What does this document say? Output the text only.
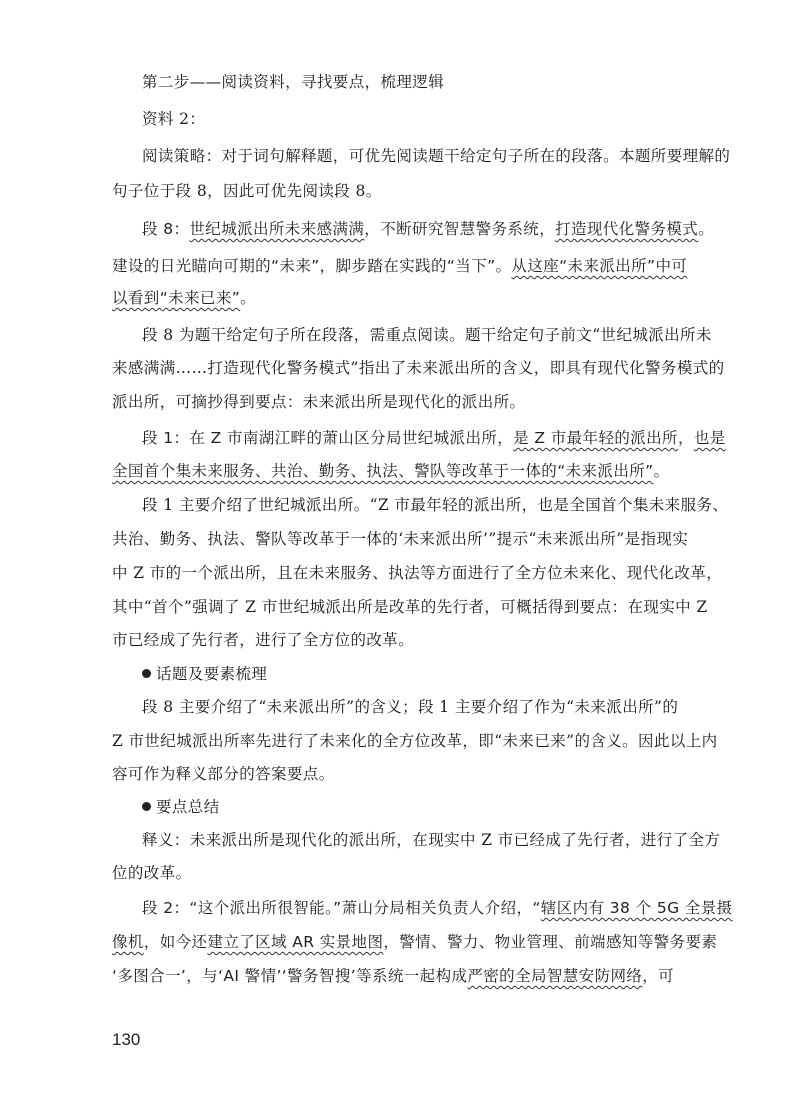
第二步——阅读资料，寻找要点，梳理逻辑
资料 2：
阅读策略：对于词句解释题，可优先阅读题干给定句子所在的段落。本题所要理解的
句子位于段 8，因此可优先阅读段 8。
段 8：世纪城派出所未来感满满，不断研究智慧警务系统，打造现代化警务模式。
建设的日光瞄向可期的“未来”，脚步踏在实践的“当下”。从这座“未来派出所”中可
以看到“未来已来”。
段 8 为题干给定句子所在段落，需重点阅读。题干给定句子前文“世纪城派出所未
来感满满……打造现代化警务模式”指出了未来派出所的含义，即具有现代化警务模式的
派出所，可摘抄得到要点：未来派出所是现代化的派出所。
段 1：在 Z 市南湖江畔的萧山区分局世纪城派出所，是 Z 市最年轻的派出所，也是
全国首个集未来服务、共治、勤务、执法、警队等改革于一体的“未来派出所”。
段 1 主要介绍了世纪城派出所。“Z 市最年轻的派出所，也是全国首个集未来服务、
共治、勤务、执法、警队等改革于一体的‘未来派出所’”提示“未来派出所”是指现实
中 Z 市的一个派出所，且在未来服务、执法等方面进行了全方位未来化、现代化改革，
其中“首个”强调了 Z 市世纪城派出所是改革的先行者，可概括得到要点：在现实中 Z
市已经成了先行者，进行了全方位的改革。
话题及要素梳理
段 8 主要介绍了“未来派出所”的含义；段 1 主要介绍了作为“未来派出所”的
Z 市世纪城派出所率先进行了未来化的全方位改革，即“未来已来”的含义。因此以上内
容可作为释义部分的答案要点。
要点总结
释义：未来派出所是现代化的派出所，在现实中 Z 市已经成了先行者，进行了全方
位的改革。
段 2：“这个派出所很智能。”萧山分局相关负责人介绍，“辖区内有 38 个 5G 全景摄
像机，如今还建立了区域 AR 实景地图，警情、警力、物业管理、前端感知等警务要素
‘多图合一’，与‘AI 警情’‘警务智搜’等系统一起构成严密的全局智慧安防网络，可
130
